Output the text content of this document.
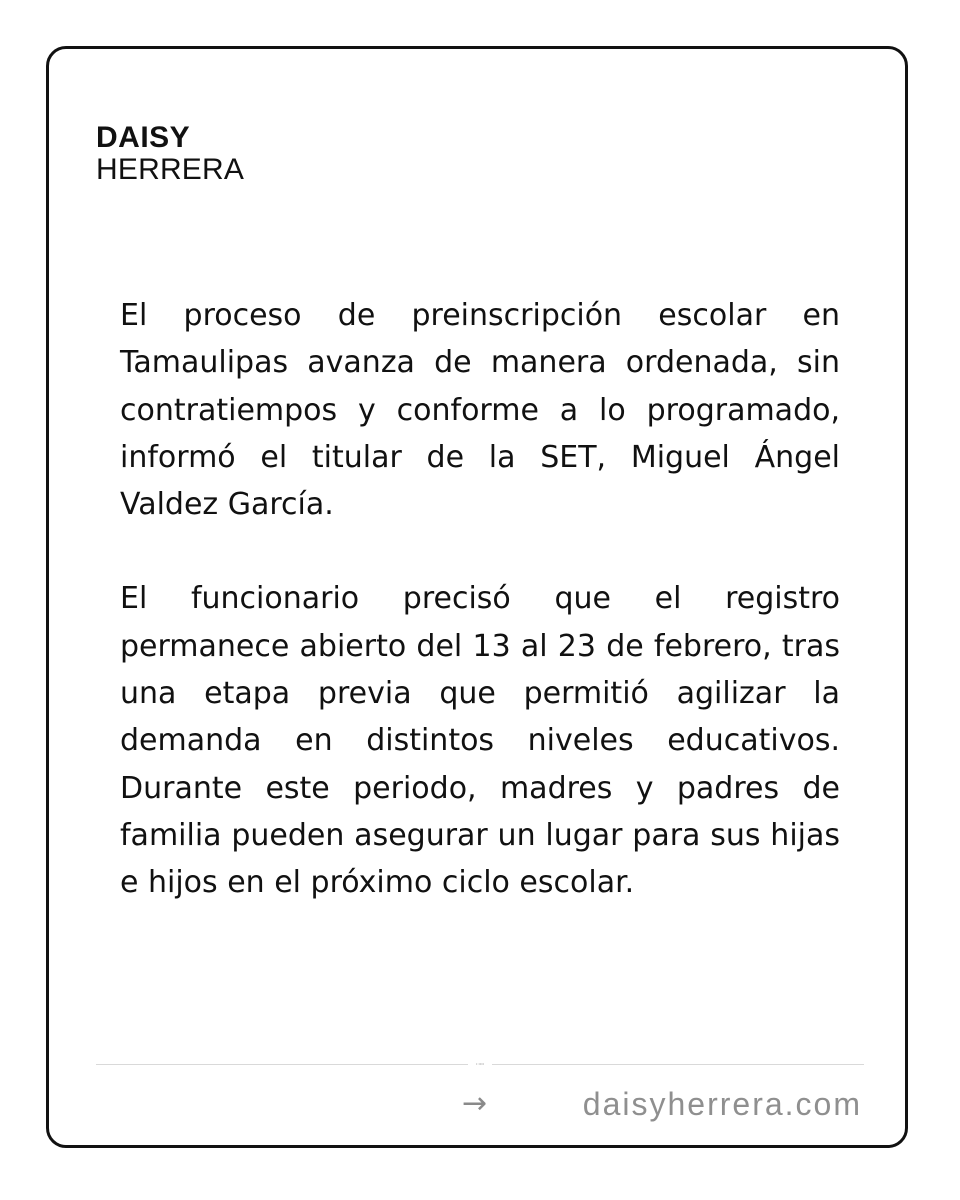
DAISY
HERRERA

El proceso de preinscripción escolar en Tamaulipas avanza de manera ordenada, sin contratiempos y conforme a lo programado, informó el titular de la SET, Miguel Ángel Valdez García.

El funcionario precisó que el registro permanece abierto del 13 al 23 de febrero, tras una etapa previa que permitió agilizar la demanda en distintos niveles educativos. Durante este periodo, madres y padres de familia pueden asegurar un lugar para sus hijas e hijos en el próximo ciclo escolar.

• ••••
→	daisyherrera.com
